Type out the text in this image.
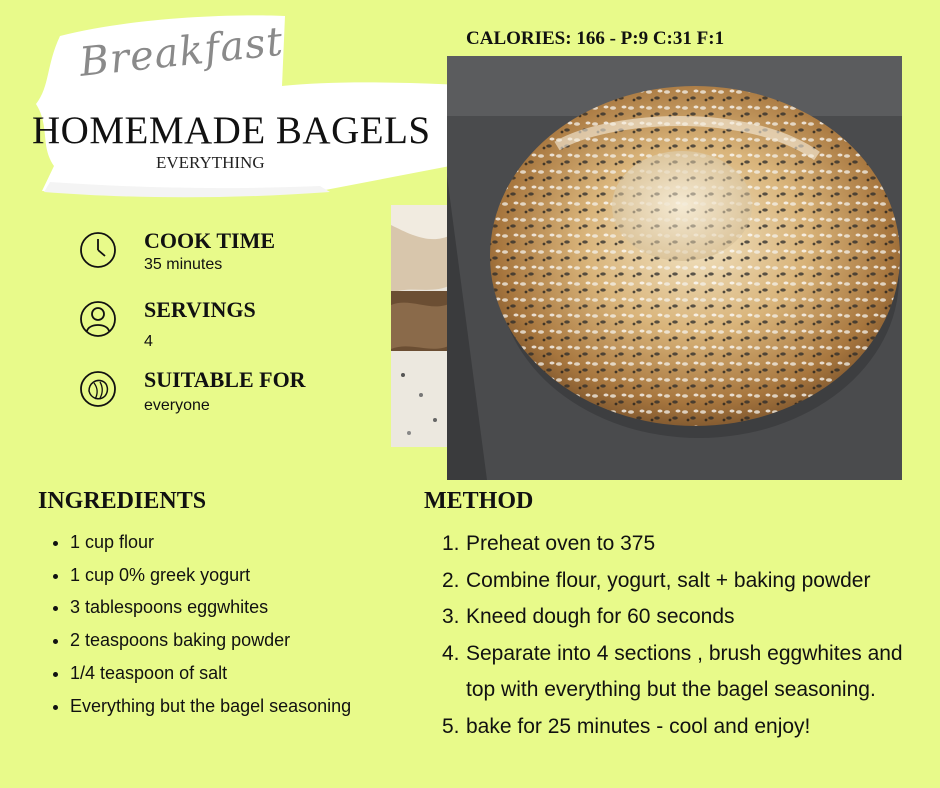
Breakfast
HOMEMADE BAGELS
EVERYTHING
CALORIES: 166 - P:9 C:31 F:1
COOK TIME
35 minutes
SERVINGS
4
SUITABLE FOR
everyone
INGREDIENTS
• 1 cup flour
• 1 cup 0% greek yogurt
• 3 tablespoons eggwhites
• 2 teaspoons baking powder
• 1/4 teaspoon of salt
• Everything but the bagel seasoning
METHOD
1. Preheat oven to 375
2. Combine flour, yogurt, salt + baking powder
3. Kneed dough for 60 seconds
4. Separate into 4 sections , brush eggwhites and top with everything but the bagel seasoning.
5. bake for 25 minutes - cool and enjoy!
